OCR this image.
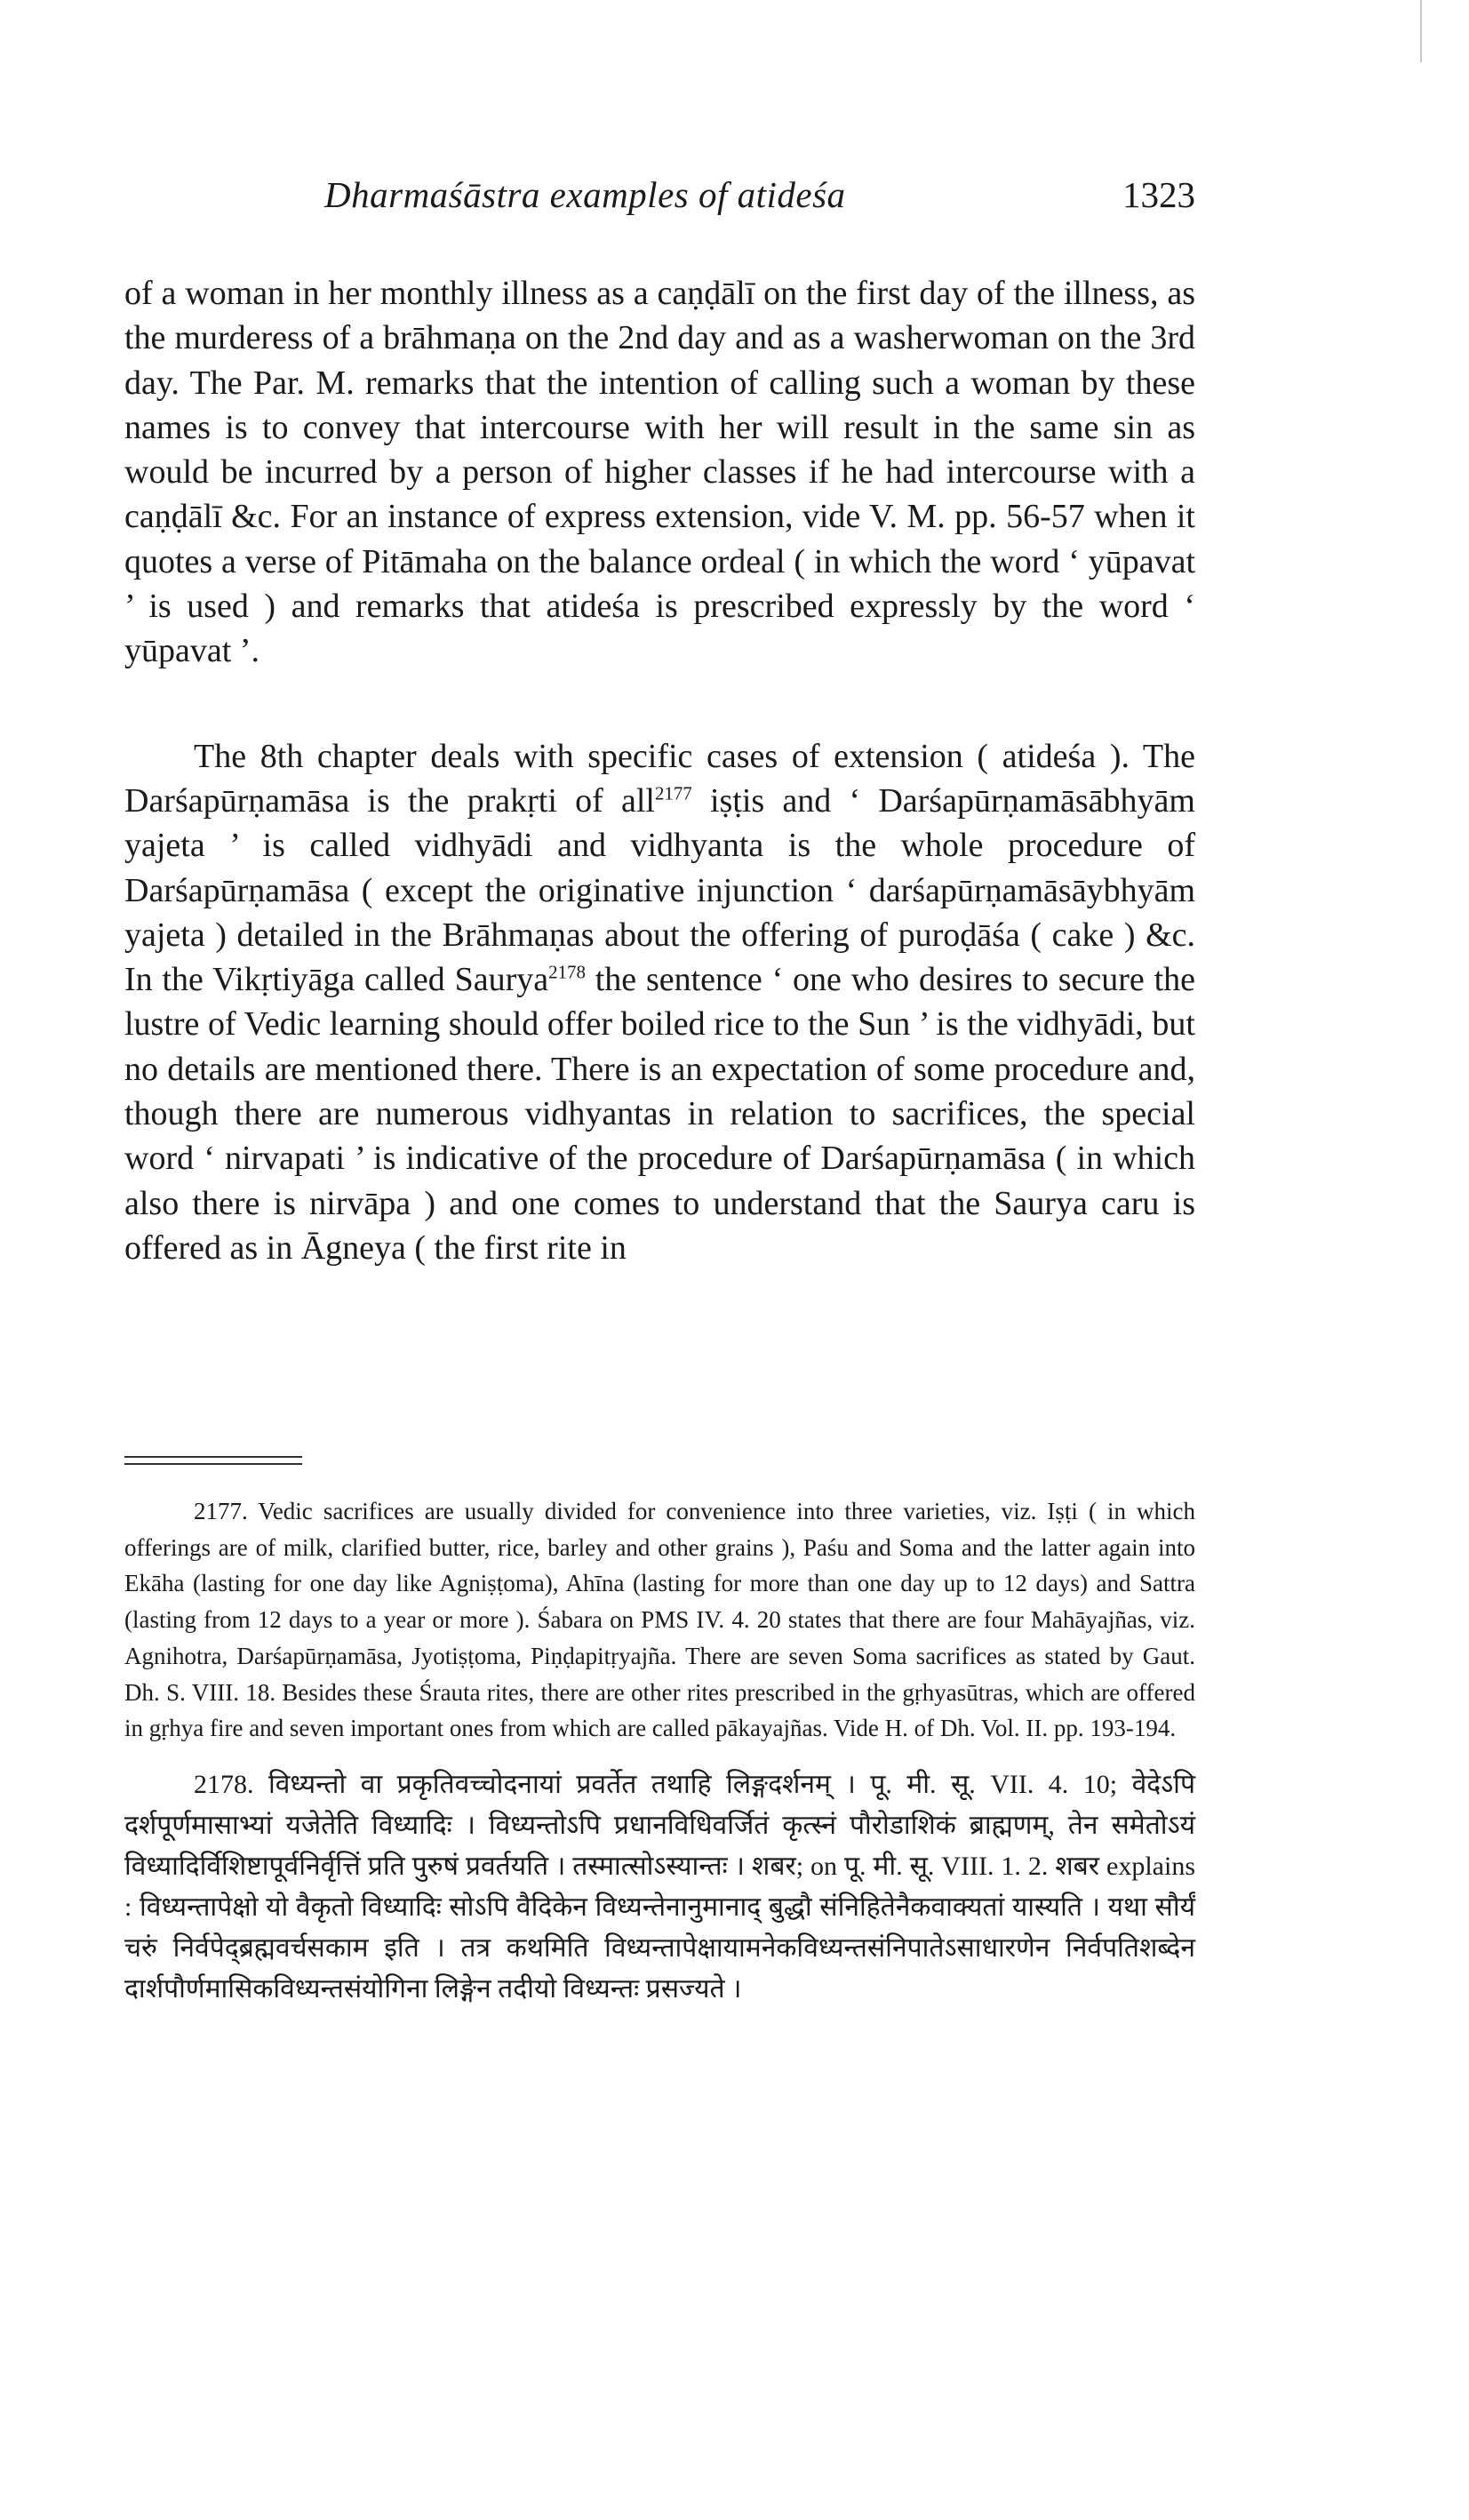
Dharmaśāstra examples of atideśa	1323

of a woman in her monthly illness as a caṇḍālī on the first day of the illness, as the murderess of a brāhmaṇa on the 2nd day and as a washerwoman on the 3rd day. The Par. M. remarks that the intention of calling such a woman by these names is to convey that intercourse with her will result in the same sin as would be incurred by a person of higher classes if he had intercourse with a caṇḍālī &c. For an instance of express extension, vide V. M. pp. 56-57 when it quotes a verse of Pitāmaha on the balance ordeal ( in which the word ‘ yūpavat ’ is used ) and remarks that atideśa is prescribed expressly by the word ‘ yūpavat ’.

The 8th chapter deals with specific cases of extension ( atideśa ). The Darśapūrṇamāsa is the prakṛti of all$^{2177}$ iṣṭis and ‘ Darśapūrṇamāsābhyām yajeta ’ is called vidhyādi and vidhyanta is the whole procedure of Darśapūrṇamāsa ( except the originative injunction ‘ darśapūrṇamāsāybhyām yajeta ) detailed in the Brāhmaṇas about the offering of puroḍāśa ( cake ) &c. In the Vikṛtiyāga called Saurya$^{2178}$ the sentence ‘ one who desires to secure the lustre of Vedic learning should offer boiled rice to the Sun ’ is the vidhyādi, but no details are mentioned there. There is an expectation of some procedure and, though there are numerous vidhyantas in relation to sacrifices, the special word ‘ nirvapati ’ is indicative of the procedure of Darśapūrṇamāsa ( in which also there is nirvāpa ) and one comes to understand that the Saurya caru is offered as in Āgneya ( the first rite in

2177. Vedic sacrifices are usually divided for convenience into three varieties, viz. Iṣṭi ( in which offerings are of milk, clarified butter, rice, barley and other grains ), Paśu and Soma and the latter again into Ekāha (lasting for one day like Agniṣṭoma), Ahīna (lasting for more than one day up to 12 days) and Sattra (lasting from 12 days to a year or more ). Śabara on PMS IV. 4. 20 states that there are four Mahāyajñas, viz. Agnihotra, Darśapūrṇamāsa, Jyotiṣṭoma, Piṇḍapitṛyajña. There are seven Soma sacrifices as stated by Gaut. Dh. S. VIII. 18. Besides these Śrauta rites, there are other rites prescribed in the gṛhyasūtras, which are offered in gṛhya fire and seven important ones from which are called pākayajñas. Vide H. of Dh. Vol. II. pp. 193-194.

2178. विध्यन्तो वा प्रकृतिवच्चोदनायां प्रवर्तेत तथाहि लिङ्गदर्शनम् । पू. मी. सू. VII. 4. 10; वेदेऽपि दर्शपूर्णमासाभ्यां यजेतेति विध्यादिः । विध्यन्तोऽपि प्रधानविधिवर्जितं कृत्स्नं पौरोडाशिकं ब्राह्मणम्, तेन समेतोऽयं विध्यादिर्विशिष्टापूर्वनिर्वृत्तिं प्रति पुरुषं प्रवर्तयति । तस्मात्सोऽस्यान्तः । शबर; on पू. मी. सू. VIII. 1. 2. शबर explains : विध्यन्तापेक्षो यो वैकृतो विध्यादिः सोऽपि वैदिकेन विध्यन्तेनानुमानाद् बुद्धौ संनिहितेनैकवाक्यतां यास्यति । यथा सौर्यं चरुं निर्वपेद्ब्रह्मवर्चसकाम इति । तत्र कथमिति विध्यन्तापेक्षायामनेकविध्यन्तसंनिपातेऽसाधारणेन निर्वपतिशब्देन दार्शपौर्णमासिकविध्यन्तसंयोगिना लिङ्गेन तदीयो विध्यन्तः प्रसज्यते ।
